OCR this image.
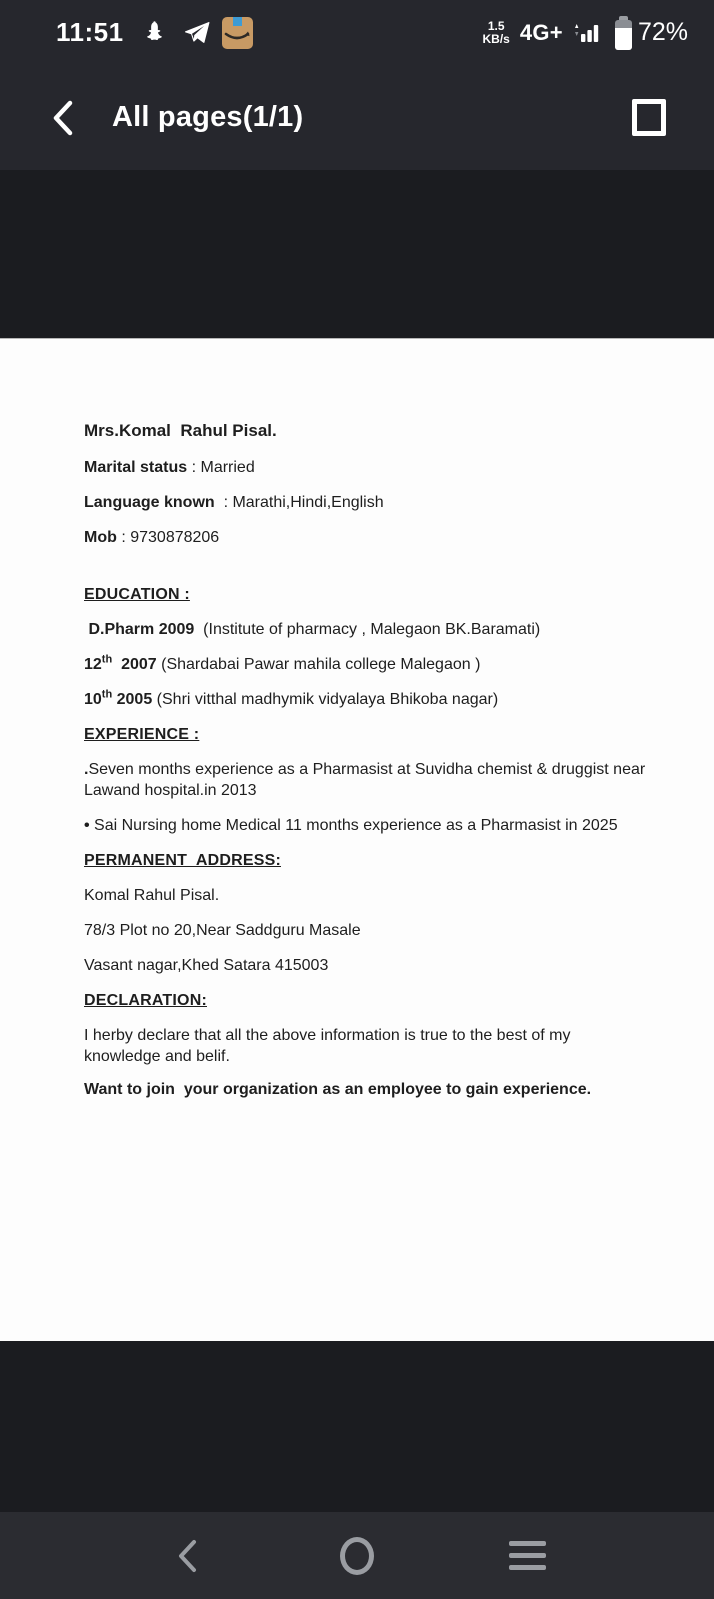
11:51	1.5
KB/s 4G+	72%
All pages(1/1)

Mrs.Komal  Rahul Pisal.

Marital status : Married

Language known  : Marathi,Hindi,English

Mob : 9730878206

EDUCATION :

D.Pharm 2009  (Institute of pharmacy , Malegaon BK.Baramati)

12th  2007 (Shardabai Pawar mahila college Malegaon )

10th 2005 (Shri vitthal madhymik vidyalaya Bhikoba nagar)

EXPERIENCE :

.Seven months experience as a Pharmasist at Suvidha chemist & druggist near Lawand hospital.in 2013

• Sai Nursing home Medical 11 months experience as a Pharmasist in 2025

PERMANENT  ADDRESS:

Komal Rahul Pisal.

78/3 Plot no 20,Near Saddguru Masale

Vasant nagar,Khed Satara 415003

DECLARATION:

I herby declare that all the above information is true to the best of my knowledge and belif.

Want to join  your organization as an employee to gain experience.
